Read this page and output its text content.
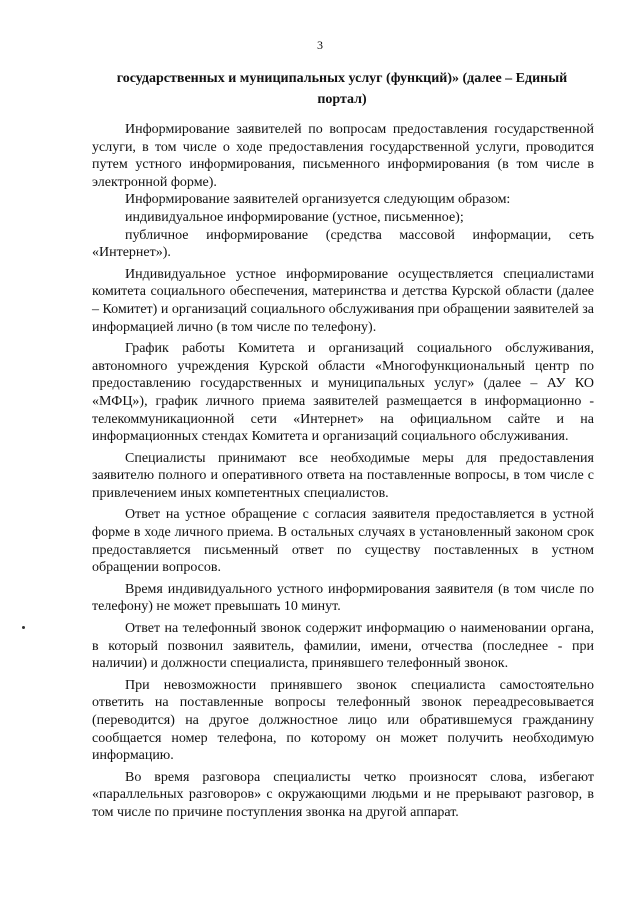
3
государственных и муниципальных услуг (функций)» (далее – Единый портал)

Информирование заявителей по вопросам предоставления государственной услуги, в том числе о ходе предоставления государственной услуги, проводится путем устного информирования, письменного информирования (в том числе в электронной форме).

Информирование заявителей организуется следующим образом:

индивидуальное информирование (устное, письменное);

публичное информирование (средства массовой информации, сеть «Интернет»).

Индивидуальное устное информирование осуществляется специалистами комитета социального обеспечения, материнства и детства Курской области (далее – Комитет) и организаций социального обслуживания при обращении заявителей за информацией лично (в том числе по телефону).

График работы Комитета и организаций социального обслуживания, автономного учреждения Курской области «Многофункциональный центр по предоставлению государственных и муниципальных услуг» (далее – АУ КО «МФЦ»), график личного приема заявителей размещается в информационно - телекоммуникационной сети «Интернет» на официальном сайте и на информационных стендах Комитета и организаций социального обслуживания.

Специалисты принимают все необходимые меры для предоставления заявителю полного и оперативного ответа на поставленные вопросы, в том числе с привлечением иных компетентных специалистов.

Ответ на устное обращение с согласия заявителя предоставляется в устной форме в ходе личного приема. В остальных случаях в установленный законом срок предоставляется письменный ответ по существу поставленных в устном обращении вопросов.

Время индивидуального устного информирования заявителя (в том числе по телефону) не может превышать 10 минут.

Ответ на телефонный звонок содержит информацию о наименовании органа, в который позвонил заявитель, фамилии, имени, отчества (последнее - при наличии) и должности специалиста, принявшего телефонный звонок.

При невозможности принявшего звонок специалиста самостоятельно ответить на поставленные вопросы телефонный звонок переадресовывается (переводится) на другое должностное лицо или обратившемуся гражданину сообщается номер телефона, по которому он может получить необходимую информацию.

Во время разговора специалисты четко произносят слова, избегают «параллельных разговоров» с окружающими людьми и не прерывают разговор, в том числе по причине поступления звонка на другой аппарат.
